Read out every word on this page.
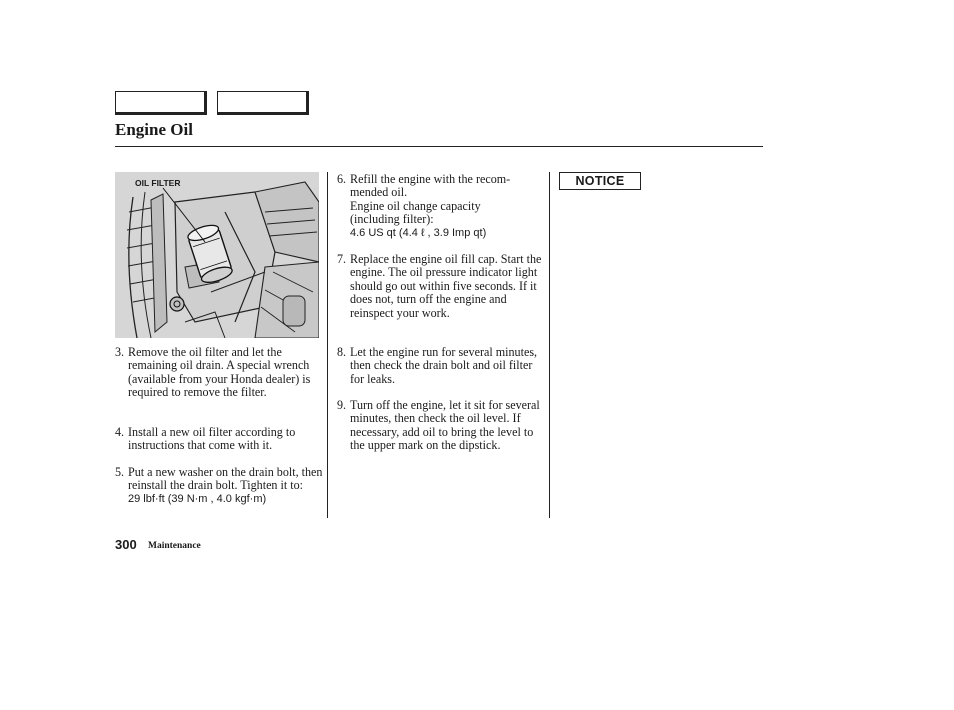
Engine Oil
OIL FILTER
3. Remove the oil filter and let the remaining oil drain. A special wrench (available from your Honda dealer) is required to remove the filter.
4. Install a new oil filter according to instructions that come with it.
5. Put a new washer on the drain bolt, then reinstall the drain bolt. Tighten it to:
29 lbf·ft (39 N·m , 4.0 kgf·m)
6. Refill the engine with the recom-
mended oil.
Engine oil change capacity (including filter):
4.6 US qt (4.4 ℓ , 3.9 Imp qt)
7. Replace the engine oil fill cap. Start the engine. The oil pressure indicator light should go out within five seconds. If it does not, turn off the engine and reinspect your work.
8. Let the engine run for several minutes, then check the drain bolt and oil filter for leaks.
9. Turn off the engine, let it sit for several minutes, then check the oil level. If necessary, add oil to bring the level to the upper mark on the dipstick.
NOTICE
300 Maintenance
